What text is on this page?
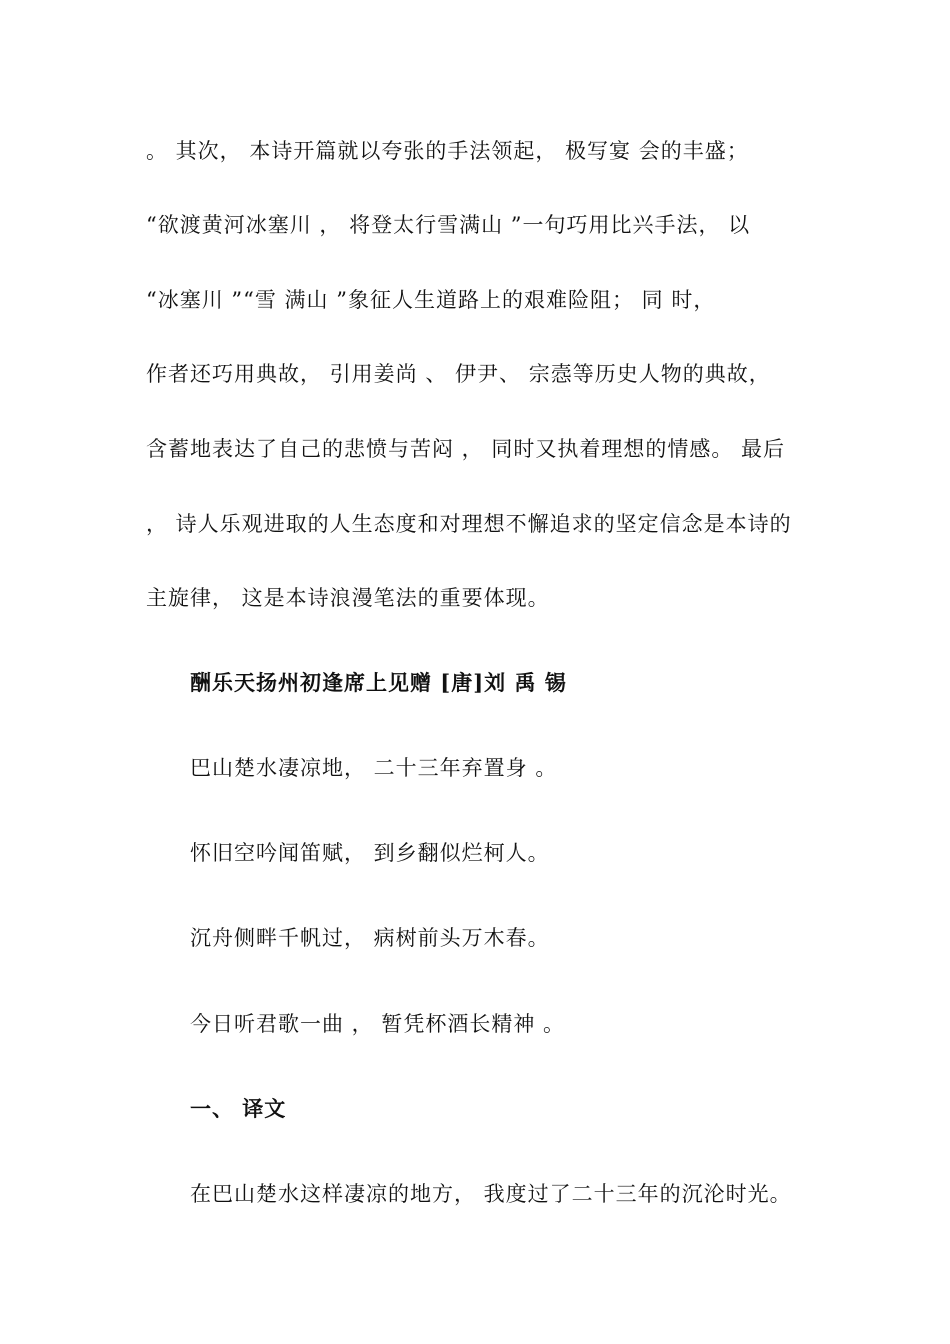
。 其次， 本诗开篇就以夸张的手法领起， 极写宴 会的丰盛；
“欲渡黄河冰塞川 ， 将登太行雪满山 ”一句巧用比兴手法， 以
“冰塞川 ”“雪 满山 ”象征人生道路上的艰难险阻； 同 时，
作者还巧用典故， 引用姜尚 、 伊尹、 宗悫等历史人物的典故，
含蓄地表达了自己的悲愤与苦闷 ， 同时又执着理想的情感。 最后
， 诗人乐观进取的人生态度和对理想不懈追求的坚定信念是本诗的
主旋律， 这是本诗浪漫笔法的重要体现。
酬乐天扬州初逢席上见赠 [唐]刘 禹 锡
巴山楚水凄凉地， 二十三年弃置身 。
怀旧空吟闻笛赋， 到乡翻似烂柯人。
沉舟侧畔千帆过， 病树前头万木春。
今日听君歌一曲 ， 暂凭杯酒长精神 。
一、 译文
在巴山楚水这样凄凉的地方， 我度过了二十三年的沉沦时光。
